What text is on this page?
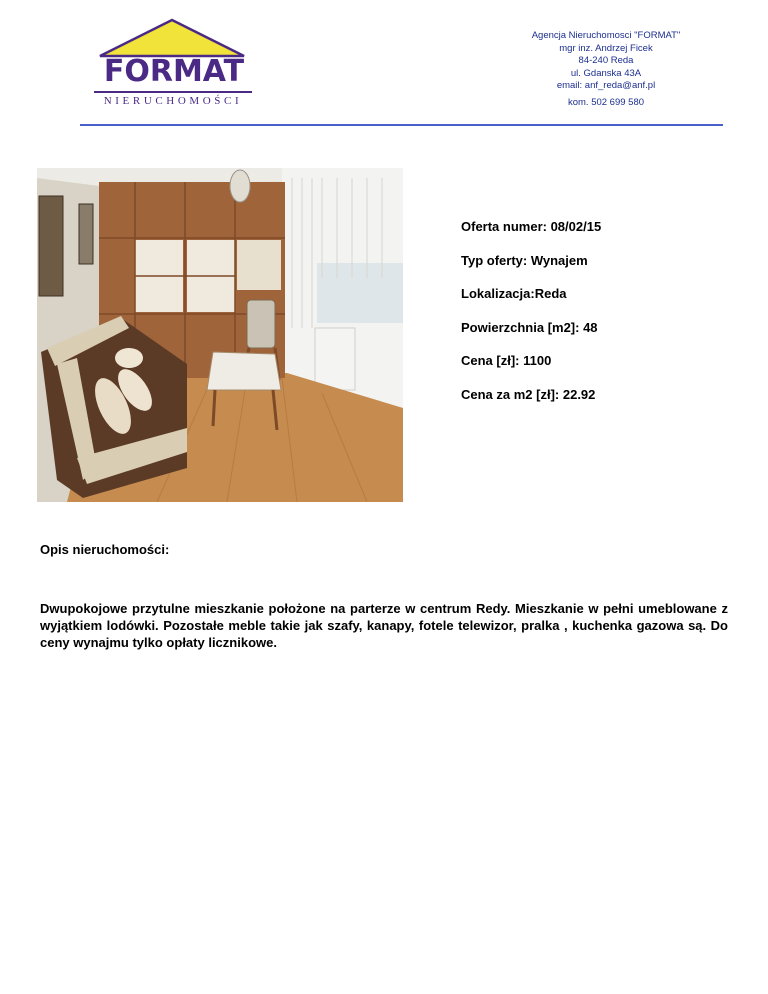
FORMAT
NIERUCHOMOŚCI
Agencja Nieruchomosci "FORMAT"
mgr inz. Andrzej Ficek
84-240 Reda
ul. Gdanska 43A
email: anf_reda@anf.pl
kom. 502 699 580
Oferta numer: 08/02/15
Typ oferty: Wynajem
Lokalizacja:Reda
Powierzchnia [m2]: 48
Cena [zł]: 1100
Cena za m2 [zł]: 22.92
Opis nieruchomości:
Dwupokojowe przytulne mieszkanie położone na parterze w centrum Redy. Mieszkanie w pełni umeblowane z wyjątkiem lodówki. Pozostałe meble takie jak szafy, kanapy, fotele telewizor, pralka , kuchenka gazowa są. Do ceny wynajmu tylko opłaty licznikowe.
